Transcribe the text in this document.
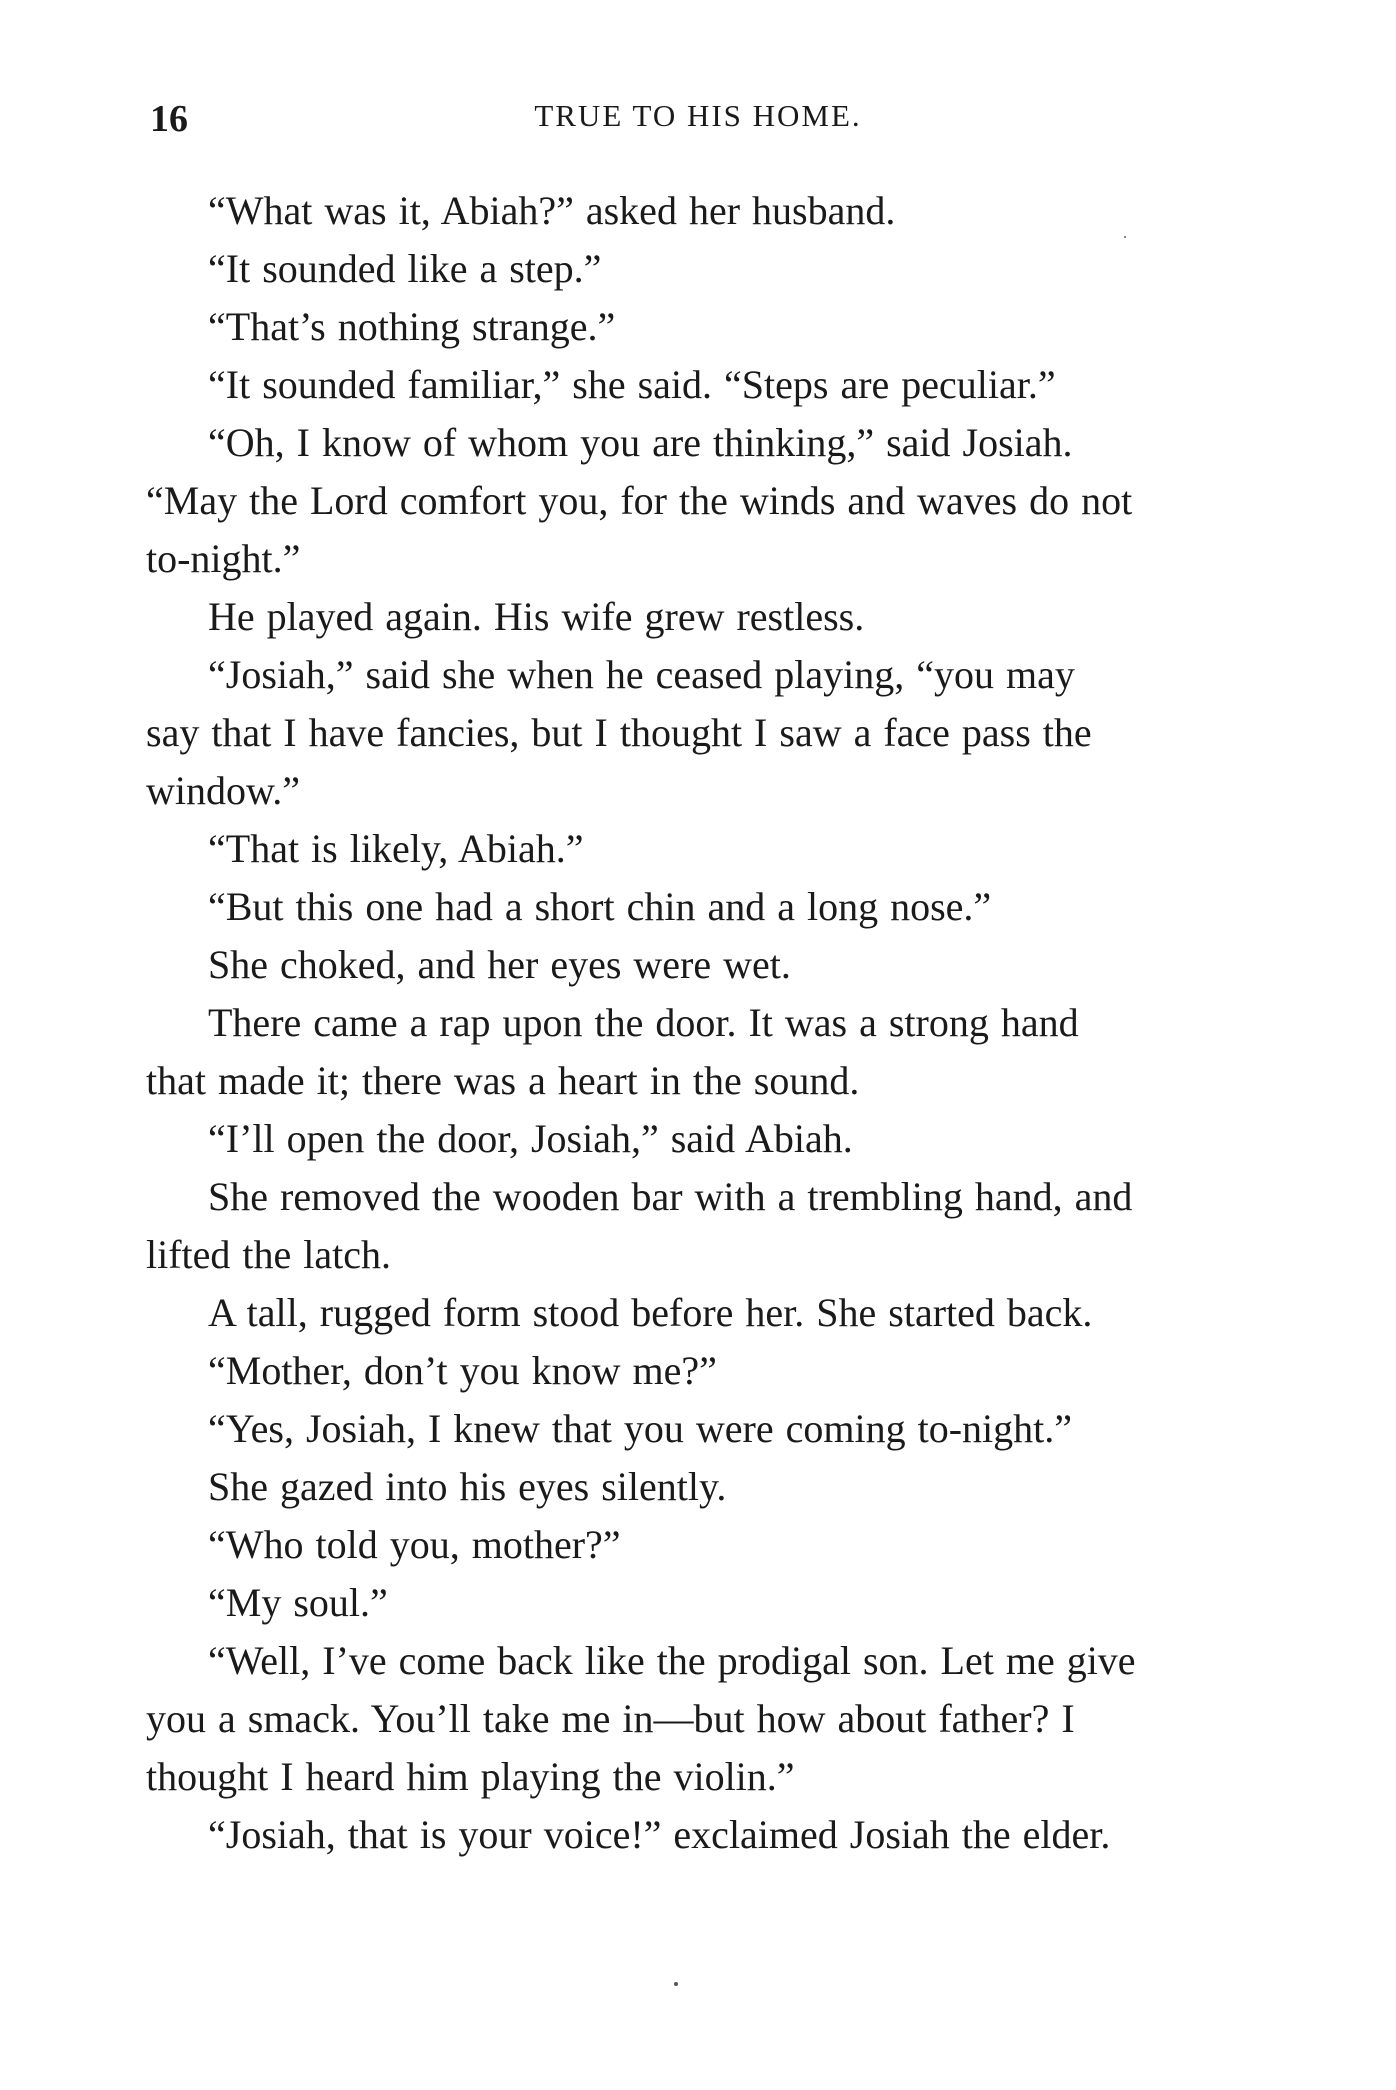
16	TRUE TO HIS HOME.

“What was it, Abiah?” asked her husband.

“It sounded like a step.”

“That’s nothing strange.”

“It sounded familiar,” she said. “Steps are peculiar.”

“Oh, I know of whom you are thinking,” said Josiah.
“May the Lord comfort you, for the winds and waves do not
to-night.”

He played again. His wife grew restless.

“Josiah,” said she when he ceased playing, “you may
say that I have fancies, but I thought I saw a face pass the
window.”

“That is likely, Abiah.”

“But this one had a short chin and a long nose.”

She choked, and her eyes were wet.

There came a rap upon the door. It was a strong hand
that made it; there was a heart in the sound.

“I’ll open the door, Josiah,” said Abiah.

She removed the wooden bar with a trembling hand, and
lifted the latch.

A tall, rugged form stood before her. She started back.

“Mother, don’t you know me?”

“Yes, Josiah, I knew that you were coming to-night.”

She gazed into his eyes silently.

“Who told you, mother?”

“My soul.”

“Well, I’ve come back like the prodigal son. Let me give
you a smack. You’ll take me in—but how about father? I
thought I heard him playing the violin.”

“Josiah, that is your voice!” exclaimed Josiah the elder.
